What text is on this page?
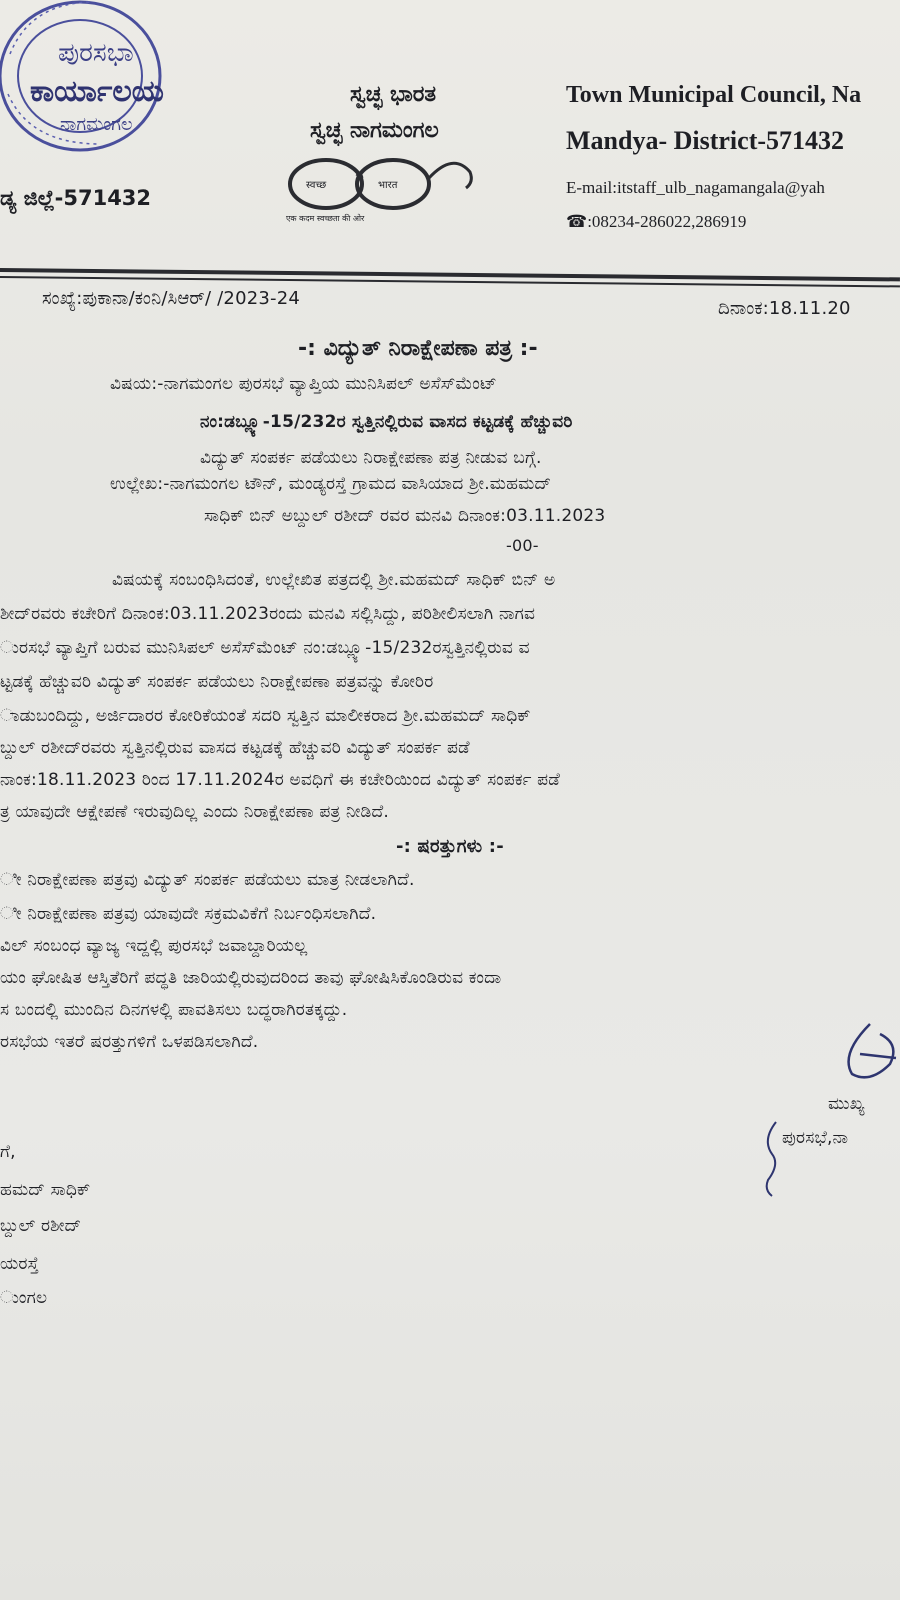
ಪುರಸಭಾ
ಕಾರ್ಯಾಲಯ
ನಾಗಮಂಗಲ
ಡ್ಯ ಜಿಲ್ಲೆ-571432
ಸ್ವಚ್ಛ ಭಾರತ
ಸ್ವಚ್ಛ ನಾಗಮಂಗಲ
स्वच्छ	भारत
एक कदम स्वच्छता की ओर
Town Municipal Council, Na
Mandya- District-571432
E-mail:itstaff_ulb_nagamangala@yah
☎:08234-286022,286919
ಸಂಖ್ಯೆ:ಪುಕಾನಾ/ಕಂನಿ/ಸಿಆರ್/ /2023-24	ದಿನಾಂಕ:18.11.20
-: ವಿದ್ಯುತ್ ನಿರಾಕ್ಷೇಪಣಾ ಪತ್ರ :-
ವಿಷಯ:-ನಾಗಮಂಗಲ ಪುರಸಭೆ ವ್ಯಾಪ್ತಿಯ ಮುನಿಸಿಪಲ್ ಅಸೆಸ್‌ಮೆಂಟ್
ನಂ:ಡಬ್ಲ್ಯೂ-15/232ರ ಸ್ವತ್ತಿನಲ್ಲಿರುವ ವಾಸದ ಕಟ್ಟಡಕ್ಕೆ ಹೆಚ್ಚುವರಿ
ವಿದ್ಯುತ್ ಸಂಪರ್ಕ ಪಡೆಯಲು ನಿರಾಕ್ಷೇಪಣಾ ಪತ್ರ ನೀಡುವ ಬಗ್ಗೆ.
ಉಲ್ಲೇಖ:-ನಾಗಮಂಗಲ ಟೌನ್, ಮಂಡ್ಯರಸ್ತೆ ಗ್ರಾಮದ ವಾಸಿಯಾದ ಶ್ರೀ.ಮಹಮದ್
ಸಾಧಿಕ್ ಬಿನ್ ಅಬ್ದುಲ್ ರಶೀದ್ ರವರ ಮನವಿ ದಿನಾಂಕ:03.11.2023
-00-
ವಿಷಯಕ್ಕೆ ಸಂಬಂಧಿಸಿದಂತೆ, ಉಲ್ಲೇಖಿತ ಪತ್ರದಲ್ಲಿ ಶ್ರೀ.ಮಹಮದ್ ಸಾಧಿಕ್ ಬಿನ್ ಅ
ಶೀದ್‌ರವರು ಕಚೇರಿಗೆ ದಿನಾಂಕ:03.11.2023ರಂದು ಮನವಿ ಸಲ್ಲಿಸಿದ್ದು, ಪರಿಶೀಲಿಸಲಾಗಿ ನಾಗವ
ುರಸಭೆ ವ್ಯಾಪ್ತಿಗೆ ಬರುವ ಮುನಿಸಿಪಲ್ ಅಸೆಸ್‌ಮೆಂಟ್ ನಂ:ಡಬ್ಲ್ಯೂ-15/232ರಸ್ವತ್ತಿನಲ್ಲಿರುವ ವ
ಟ್ಟಡಕ್ಕೆ ಹೆಚ್ಚುವರಿ ವಿದ್ಯುತ್ ಸಂಪರ್ಕ ಪಡೆಯಲು ನಿರಾಕ್ಷೇಪಣಾ ಪತ್ರವನ್ನು ಕೋರಿರ
ಾಡುಬಂದಿದ್ದು, ಅರ್ಜಿದಾರರ ಕೋರಿಕೆಯಂತೆ ಸದರಿ ಸ್ವತ್ತಿನ ಮಾಲೀಕರಾದ ಶ್ರೀ.ಮಹಮದ್ ಸಾಧಿಕ್
ಬ್ದುಲ್ ರಶೀದ್‌ರವರು ಸ್ವತ್ತಿನಲ್ಲಿರುವ ವಾಸದ ಕಟ್ಟಡಕ್ಕೆ ಹೆಚ್ಚುವರಿ ವಿದ್ಯುತ್ ಸಂಪರ್ಕ ಪಡೆ
ನಾಂಕ:18.11.2023 ರಿಂದ 17.11.2024ರ ಅವಧಿಗೆ ಈ ಕಚೇರಿಯಿಂದ ವಿದ್ಯುತ್ ಸಂಪರ್ಕ ಪಡೆ
ತ್ರ ಯಾವುದೇ ಆಕ್ಷೇಪಣೆ ಇರುವುದಿಲ್ಲ ಎಂದು ನಿರಾಕ್ಷೇಪಣಾ ಪತ್ರ ನೀಡಿದೆ.
-: ಷರತ್ತುಗಳು :-
ೀ ನಿರಾಕ್ಷೇಪಣಾ ಪತ್ರವು ವಿದ್ಯುತ್ ಸಂಪರ್ಕ ಪಡೆಯಲು ಮಾತ್ರ ನೀಡಲಾಗಿದೆ.
ೀ ನಿರಾಕ್ಷೇಪಣಾ ಪತ್ರವು ಯಾವುದೇ ಸಕ್ರಮವಿಕೆಗೆ ನಿರ್ಬಂಧಿಸಲಾಗಿದೆ.
ವಿಲ್ ಸಂಬಂಧ ವ್ಯಾಜ್ಯ ಇದ್ದಲ್ಲಿ ಪುರಸಭೆ ಜವಾಬ್ದಾರಿಯಲ್ಲ
ಯಂ ಘೋಷಿತ ಆಸ್ತಿತೆರಿಗೆ ಪದ್ಧತಿ ಜಾರಿಯಲ್ಲಿರುವುದರಿಂದ ತಾವು ಘೋಷಿಸಿಕೊಂಡಿರುವ ಕಂದಾ
ಸ ಬಂದಲ್ಲಿ ಮುಂದಿನ ದಿನಗಳಲ್ಲಿ ಪಾವತಿಸಲು ಬದ್ಧರಾಗಿರತಕ್ಕದ್ದು.
ರಸಭೆಯ ಇತರೆ ಷರತ್ತುಗಳಿಗೆ ಒಳಪಡಿಸಲಾಗಿದೆ.
ಮುಖ್ಯ
ಪುರಸಭೆ,ನಾ
ಗೆ,
ಹಮದ್ ಸಾಧಿಕ್
ಬ್ದುಲ್ ರಶೀದ್
ಯರಸ್ತೆ
ುಂಗಲ
